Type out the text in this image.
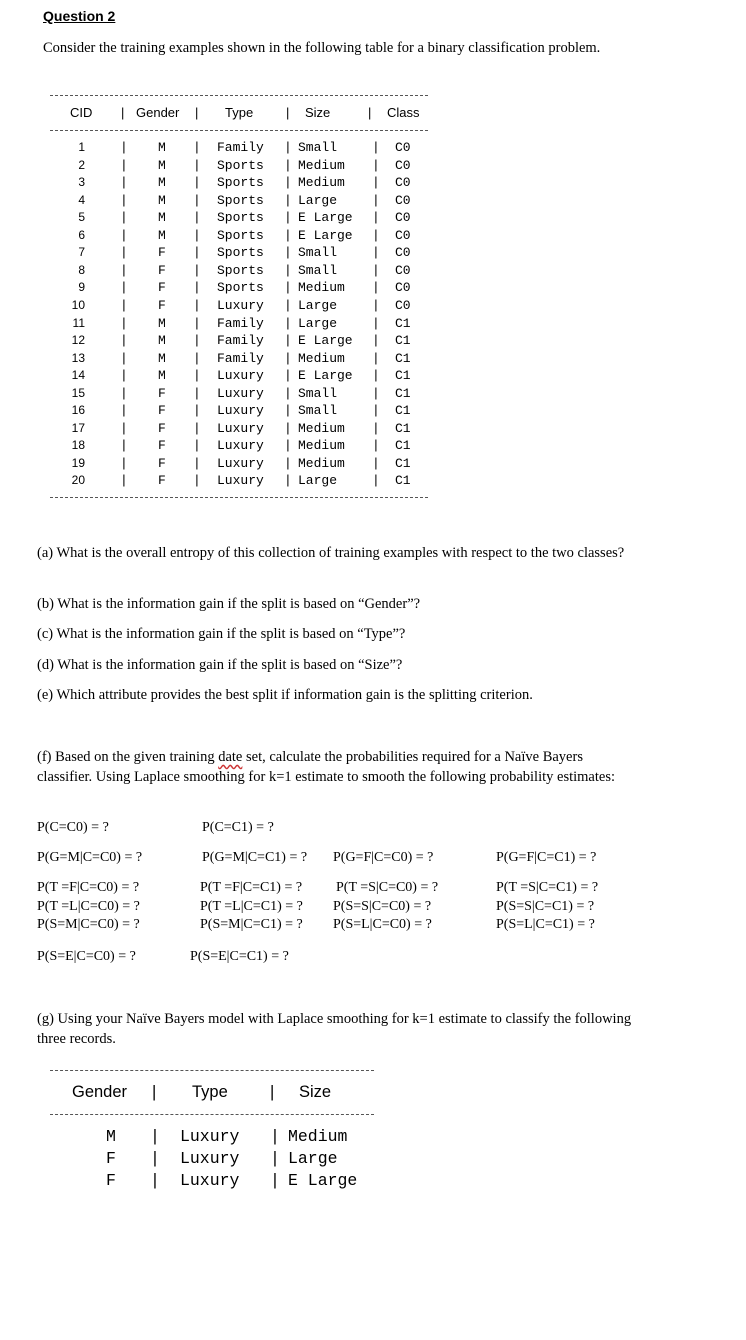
Question 2
Consider the training examples shown in the following table for a binary classification problem.
CID | Gender | Type	| Size	| Class
1	M	Family	Small	C0
|	|	|	|
2	M	Sports	Medium	C0
|	|	|	|
3	M	Sports	Medium	C0
|	|	|	|
4	M	Sports	Large	C0
|	|	|	|
5	M	Sports	E Large	C0
|	|	|	|
6	M	Sports	E Large	C0
|	|	|	|
7	F	Sports	Small	C0
|	|	|	|
8	F	Sports	Small	C0
|	|	|	|
9	F	Sports	Medium	C0
|	|	|	|
10	F	Luxury	Large	C0
|	|	|	|
11	M	Family	Large	C1
|	|	|	|
12	M	Family	E Large	C1
|	|	|	|
13	M	Family	Medium	C1
|	|	|	|
14	M	Luxury	E Large	C1
|	|	|	|
15	F	Luxury	Small	C1
|	|	|	|
16	F	Luxury	Small	C1
|	|	|	|
17	F	Luxury	Medium	C1
|	|	|	|
18	F	Luxury	Medium	C1
|	|	|	|
19	F	Luxury	Medium	C1
|	|	|	|
20	F	Luxury	Large	C1
|	|	|	|
(a) What is the overall entropy of this collection of training examples with respect to the two classes?
(b) What is the information gain if the split is based on “Gender”?
(c) What is the information gain if the split is based on “Type”?
(d) What is the information gain if the split is based on “Size”?
(e) Which attribute provides the best split if information gain is the splitting criterion.
(f) Based on the given training date set, calculate the probabilities required for a Naïve Bayers classifier. Using Laplace smoothing for k=1 estimate to smooth the following probability estimates:
P(C=C0) = ?	P(C=C1) = ?
P(G=M|C=C0) = ?	P(G=M|C=C1) = ? P(G=F|C=C0) = ?	P(G=F|C=C1) = ?
P(T =F|C=C0) = ?	P(T =F|C=C1) = ? P(T =S|C=C0) = ?	P(T =S|C=C1) = ?
P(T =L|C=C0) = ?	P(T =L|C=C1) = ? P(S=S|C=C0) = ?	P(S=S|C=C1) = ?
P(S=M|C=C0) = ?	P(S=M|C=C1) = ? P(S=L|C=C0) = ?	P(S=L|C=C1) = ?
P(S=E|C=C0) = ?	P(S=E|C=C1) = ?
(g) Using your Naïve Bayers model with Laplace smoothing for k=1 estimate to classify the following three records.
Gender | Type	| Size
M	Luxury	Medium
|	|
F	Luxury	Large
|	|
F	Luxury	E Large
|	|
